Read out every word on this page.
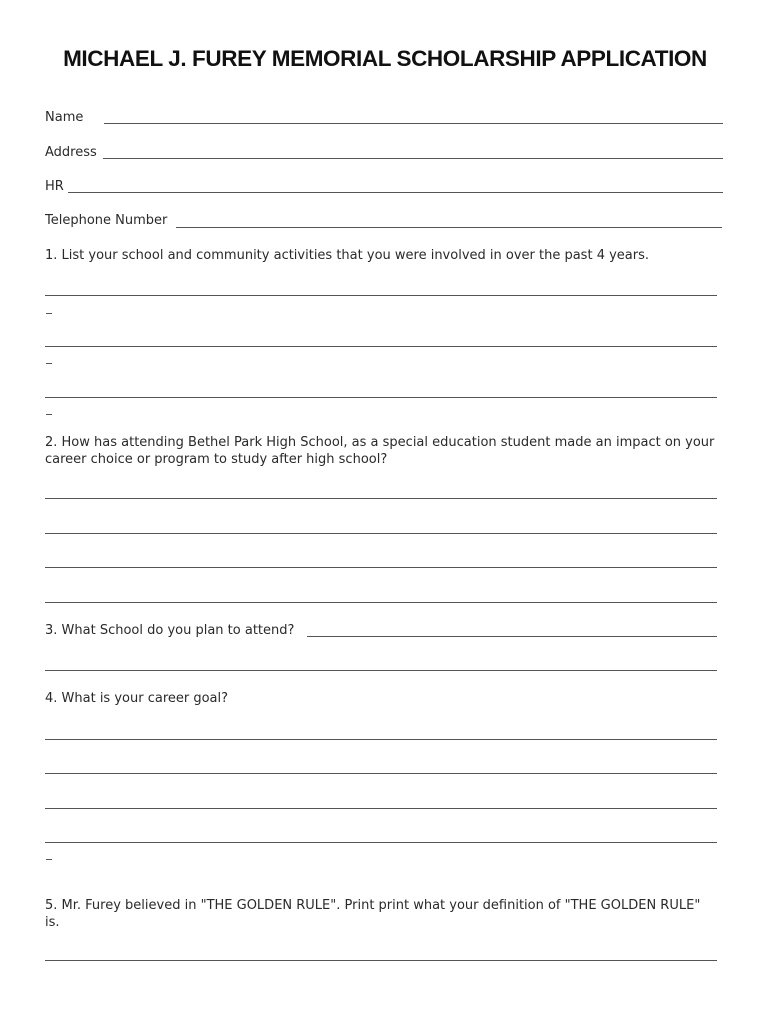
MICHAEL J. FUREY MEMORIAL SCHOLARSHIP APPLICATION
Name
Address
HR
Telephone Number
1. List your school and community activities that you were involved in over the past 4 years.
2. How has attending Bethel Park High School, as a special education student made an impact on your career choice or program to study after high school?
3. What School do you plan to attend?
4. What is your career goal?
5. Mr. Furey believed in "THE GOLDEN RULE". Print print what your definition of "THE GOLDEN RULE" is.
